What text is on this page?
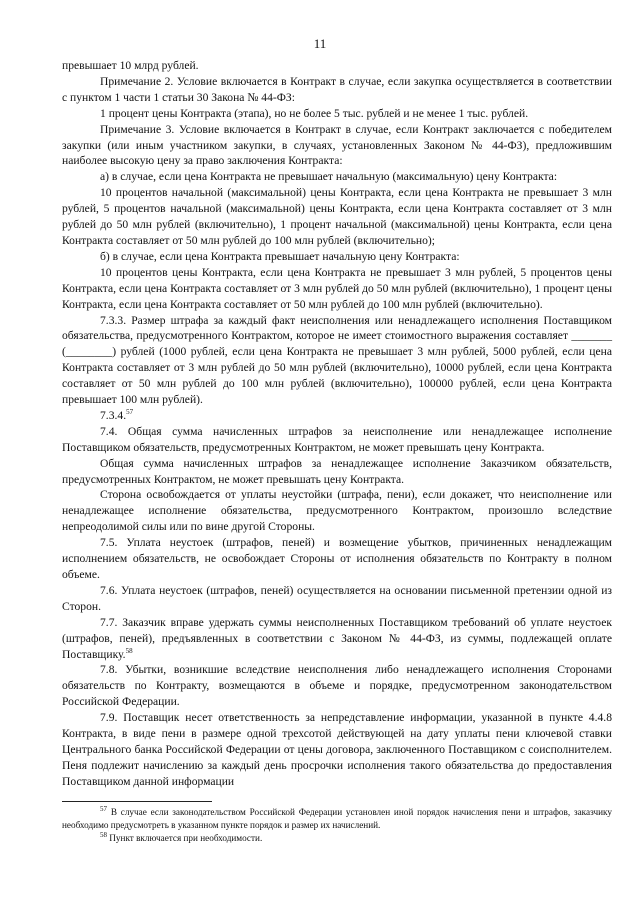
11

превышает 10 млрд рублей.

Примечание 2. Условие включается в Контракт в случае, если закупка осуществляется в соответствии с пунктом 1 части 1 статьи 30 Закона № 44-ФЗ:

1 процент цены Контракта (этапа), но не более 5 тыс. рублей и не менее 1 тыс. рублей.

Примечание 3. Условие включается в Контракт в случае, если Контракт заключается с победителем закупки (или иным участником закупки, в случаях, установленных Законом № 44-ФЗ), предложившим наиболее высокую цену за право заключения Контракта:

а) в случае, если цена Контракта не превышает начальную (максимальную) цену Контракта:

10 процентов начальной (максимальной) цены Контракта, если цена Контракта не превышает 3 млн рублей, 5 процентов начальной (максимальной) цены Контракта, если цена Контракта составляет от 3 млн рублей до 50 млн рублей (включительно), 1 процент начальной (максимальной) цены Контракта, если цена Контракта составляет от 50 млн рублей до 100 млн рублей (включительно);

б) в случае, если цена Контракта превышает начальную цену Контракта:

10 процентов цены Контракта, если цена Контракта не превышает 3 млн рублей, 5 процентов цены Контракта, если цена Контракта составляет от 3 млн рублей до 50 млн рублей (включительно), 1 процент цены Контракта, если цена Контракта составляет от 50 млн рублей до 100 млн рублей (включительно).

7.3.3. Размер штрафа за каждый факт неисполнения или ненадлежащего исполнения Поставщиком обязательства, предусмотренного Контрактом, которое не имеет стоимостного выражения составляет _______ (________) рублей (1000 рублей, если цена Контракта не превышает 3 млн рублей, 5000 рублей, если цена Контракта составляет от 3 млн рублей до 50 млн рублей (включительно), 10000 рублей, если цена Контракта составляет от 50 млн рублей до 100 млн рублей (включительно), 100000 рублей, если цена Контракта превышает 100 млн рублей).

7.3.4.57

7.4. Общая сумма начисленных штрафов за неисполнение или ненадлежащее исполнение Поставщиком обязательств, предусмотренных Контрактом, не может превышать цену Контракта.

Общая сумма начисленных штрафов за ненадлежащее исполнение Заказчиком обязательств, предусмотренных Контрактом, не может превышать цену Контракта.

Сторона освобождается от уплаты неустойки (штрафа, пени), если докажет, что неисполнение или ненадлежащее исполнение обязательства, предусмотренного Контрактом, произошло вследствие непреодолимой силы или по вине другой Стороны.

7.5. Уплата неустоек (штрафов, пеней) и возмещение убытков, причиненных ненадлежащим исполнением обязательств, не освобождает Стороны от исполнения обязательств по Контракту в полном объеме.

7.6. Уплата неустоек (штрафов, пеней) осуществляется на основании письменной претензии одной из Сторон.

7.7. Заказчик вправе удержать суммы неисполненных Поставщиком требований об уплате неустоек (штрафов, пеней), предъявленных в соответствии с Законом № 44-ФЗ, из суммы, подлежащей оплате Поставщику.$^{58}$

7.8. Убытки, возникшие вследствие неисполнения либо ненадлежащего исполнения Сторонами обязательств по Контракту, возмещаются в объеме и порядке, предусмотренном законодательством Российской Федерации.

7.9. Поставщик несет ответственность за непредставление информации, указанной в пункте 4.4.8 Контракта, в виде пени в размере одной трехсотой действующей на дату уплаты пени ключевой ставки Центрального банка Российской Федерации от цены договора, заключенного Поставщиком с соисполнителем. Пеня подлежит начислению за каждый день просрочки исполнения такого обязательства до предоставления Поставщиком данной информации

$^{57}$ В случае если законодательством Российской Федерации установлен иной порядок начисления пени и штрафов, заказчику необходимо предусмотреть в указанном пункте порядок и размер их начислений.

$^{58}$ Пункт включается при необходимости.
